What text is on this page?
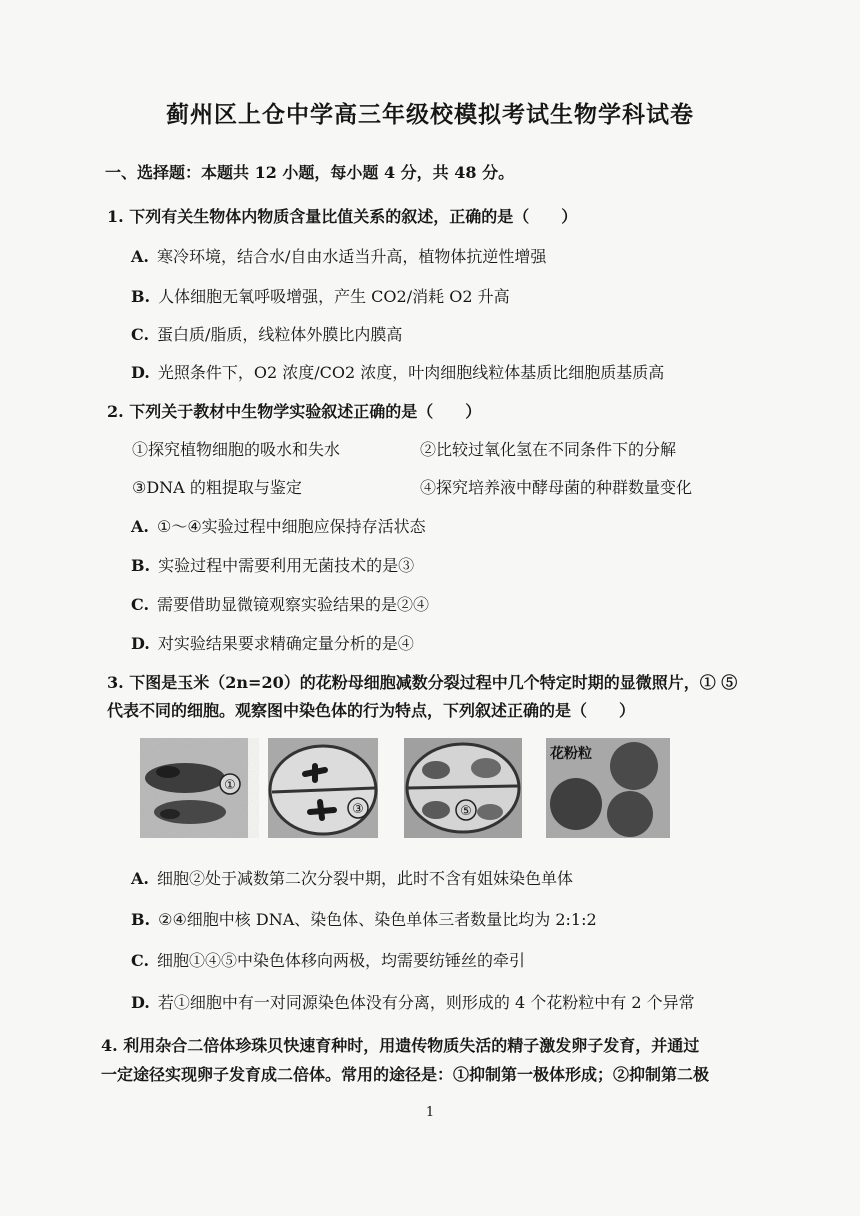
蓟州区上仓中学高三年级校模拟考试生物学科试卷
一、选择题：本题共 12 小题，每小题 4 分，共 48 分。
1. 下列有关生物体内物质含量比值关系的叙述，正确的是（　　）
A. 寒冷环境，结合水/自由水适当升高，植物体抗逆性增强
B. 人体细胞无氧呼吸增强，产生 CO2/消耗 O2 升高
C. 蛋白质/脂质，线粒体外膜比内膜高
D. 光照条件下，O2 浓度/CO2 浓度，叶肉细胞线粒体基质比细胞质基质高
2. 下列关于教材中生物学实验叙述正确的是（　　）
①探究植物细胞的吸水和失水	②比较过氧化氢在不同条件下的分解
③DNA 的粗提取与鉴定	④探究培养液中酵母菌的种群数量变化
A. ①～④实验过程中细胞应保持存活状态
B. 实验过程中需要利用无菌技术的是③
C. 需要借助显微镜观察实验结果的是②④
D. 对实验结果要求精确定量分析的是④
3. 下图是玉米（2n=20）的花粉母细胞减数分裂过程中几个特定时期的显微照片，① ⑤
代表不同的细胞。观察图中染色体的行为特点，下列叙述正确的是（　　）
①
③	⑤
花粉粒
A. 细胞②处于减数第二次分裂中期，此时不含有姐妹染色单体
B. ②④细胞中核 DNA、染色体、染色单体三者数量比均为 2:1:2
C. 细胞①④⑤中染色体移向两极，均需要纺锤丝的牵引
D. 若①细胞中有一对同源染色体没有分离，则形成的 4 个花粉粒中有 2 个异常
4. 利用杂合二倍体珍珠贝快速育种时，用遗传物质失活的精子激发卵子发育，并通过
一定途径实现卵子发育成二倍体。常用的途径是：①抑制第一极体形成；②抑制第二极
1
